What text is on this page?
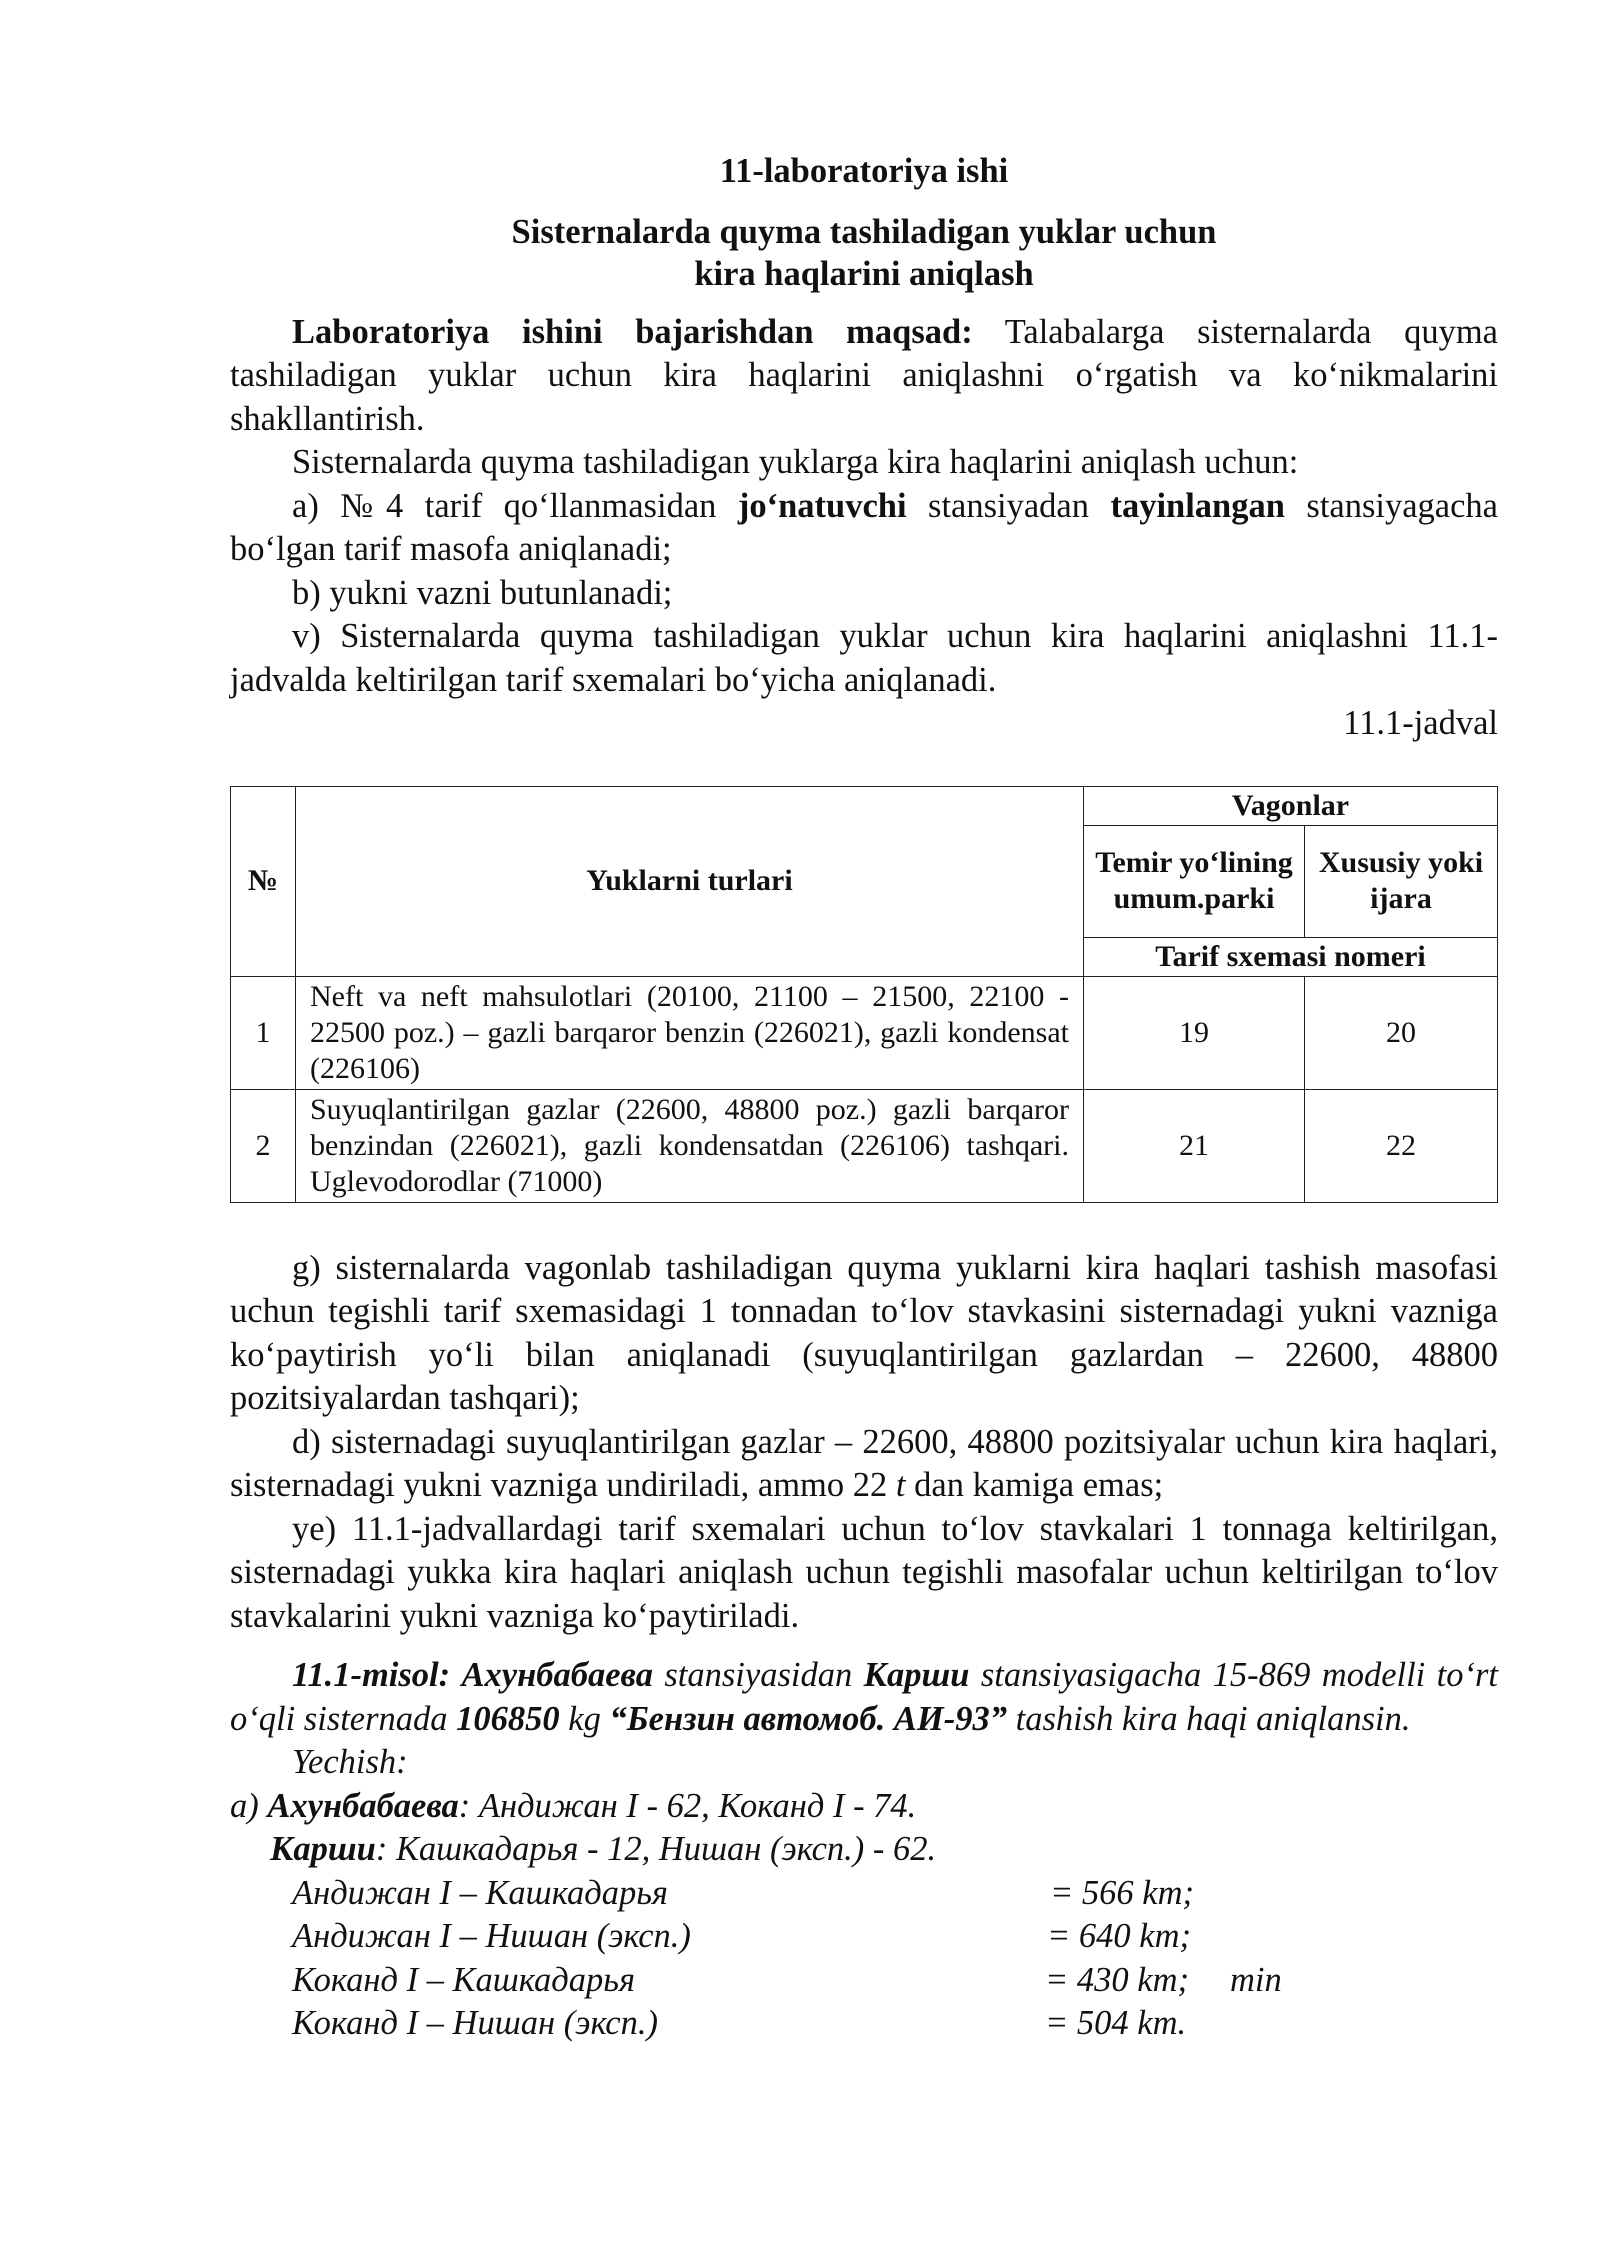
11-laboratoriya ishi
Sisternalarda quyma tashiladigan yuklar uchun
kira haqlarini aniqlash

Laboratoriya ishini bajarishdan maqsad: Talabalarga sisternalarda quyma tashiladigan yuklar uchun kira haqlarini aniqlashni o‘rgatish va ko‘nikmalarini shakllantirish.

Sisternalarda quyma tashiladigan yuklarga kira haqlarini aniqlash uchun:

a) №4 tarif qo‘llanmasidan jo‘natuvchi stansiyadan tayinlangan stansiyagacha bo‘lgan tarif masofa aniqlanadi;

b) yukni vazni butunlanadi;

v) Sisternalarda quyma tashiladigan yuklar uchun kira haqlarini aniqlashni 11.1-jadvalda keltirilgan tarif sxemalari bo‘yicha aniqlanadi.

11.1-jadval

№	Yuklarni turlari	Vagonlar	
		Temir yo‘lining umum.parki	Xususiy yoki ijara
		Tarif sxemasi nomeri	
1	Neft va neft mahsulotlari (20100, 21100 – 21500, 22100 - 22500 poz.) – gazli barqaror benzin (226021), gazli kondensat (226106)	19	20
2	Suyuqlantirilgan gazlar (22600, 48800 poz.) gazli barqaror benzindan (226021), gazli kondensatdan (226106) tashqari. Uglevodorodlar (71000)	21	22

g) sisternalarda vagonlab tashiladigan quyma yuklarni kira haqlari tashish masofasi uchun tegishli tarif sxemasidagi 1 tonnadan to‘lov stavkasini sisternadagi yukni vazniga ko‘paytirish yo‘li bilan aniqlanadi (suyuqlantirilgan gazlardan – 22600, 48800 pozitsiyalardan tashqari);

d) sisternadagi suyuqlantirilgan gazlar – 22600, 48800 pozitsiyalar uchun kira haqlari, sisternadagi yukni vazniga undiriladi, ammo 22 t dan kamiga emas;

ye) 11.1-jadvallardagi tarif sxemalari uchun to‘lov stavkalari 1 tonnaga keltirilgan, sisternadagi yukka kira haqlari aniqlash uchun tegishli masofalar uchun keltirilgan to‘lov stavkalarini yukni vazniga ko‘paytiriladi.

11.1-misol: Ахунбабаева stansiyasidan Карши stansiyasigacha 15-869 modelli to‘rt o‘qli sisternada 106850 kg “Бензин автомоб. АИ-93” tashish kira haqi aniqlansin.

Yechish:

a) Ахунбабаева: Андижан I - 62, Коканд I - 74.

Карши: Кашкадарья - 12, Нишан (эксп.) - 62.

Андижан I – Кашкадарья	= 566 km;
Андижан I – Нишан (эксп.)	= 640 km;
Коканд I – Кашкадарья	= 430 km; min
Коканд I – Нишан (эксп.)	= 504 km.
